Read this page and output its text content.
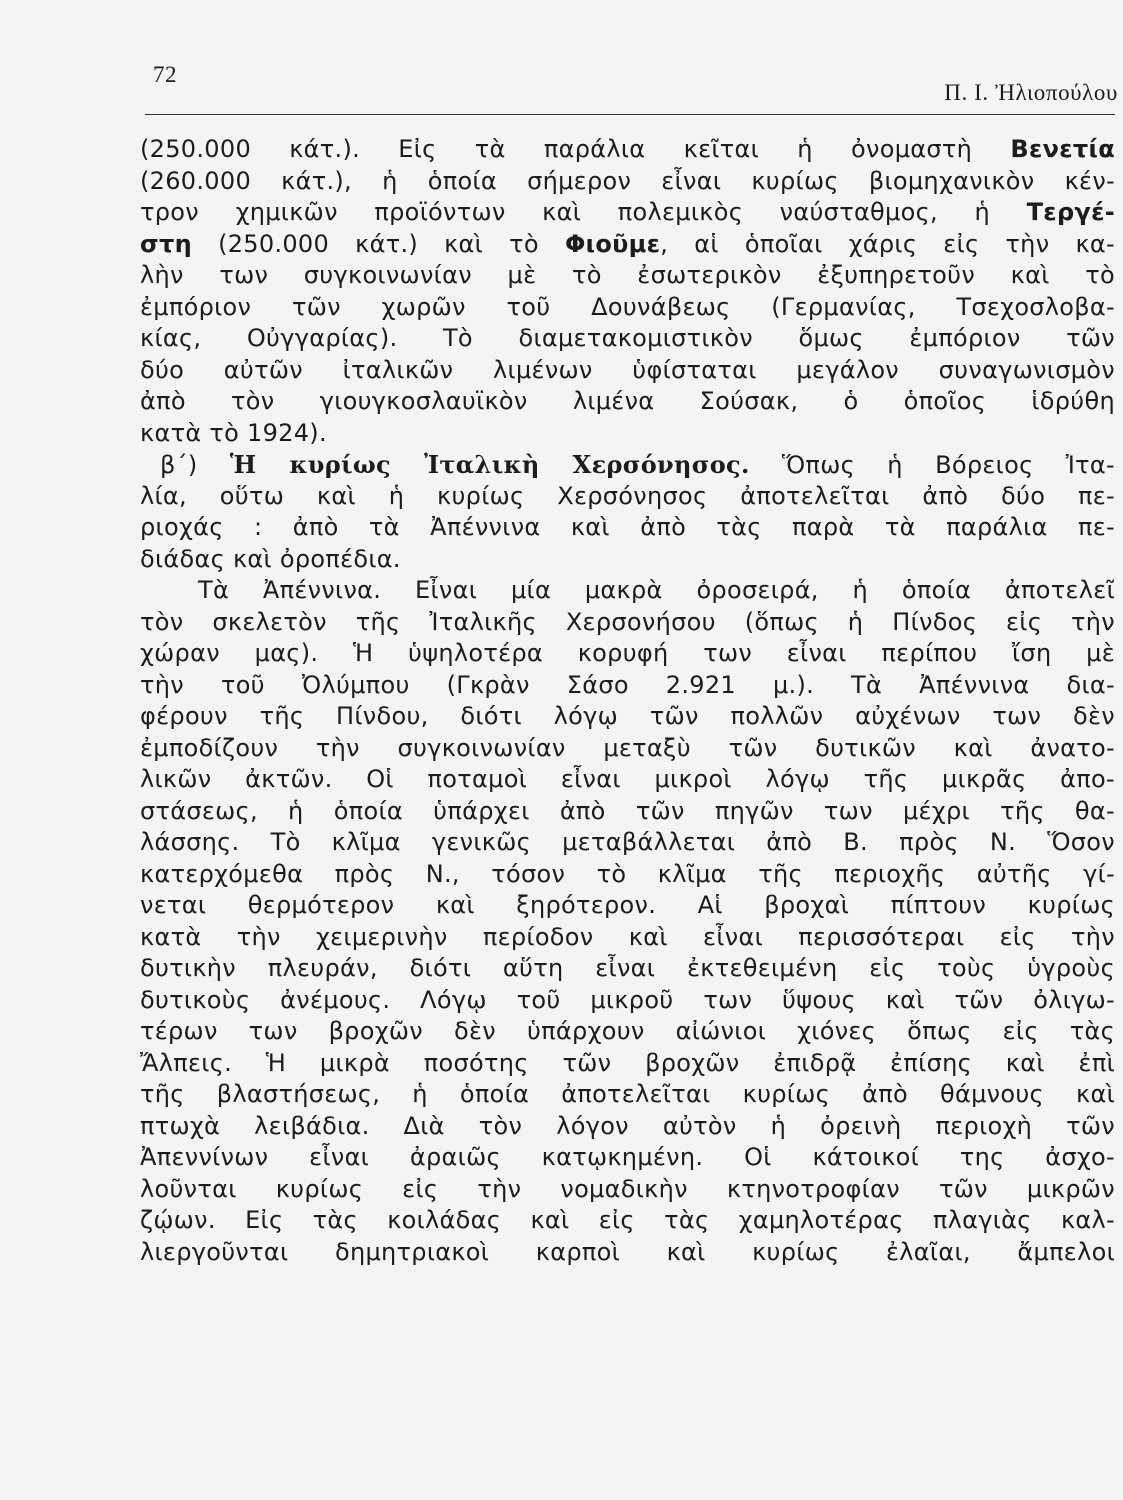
72
Π. Ι. Ἠλιοπούλου
(250.000 κάτ.). Εἰς τὰ παράλια κεῖται ἡ ὀνομαστὴ Βενετία
(260.000 κάτ.), ἡ ὁποία σήμερον εἶναι κυρίως βιομηχανικὸν κέν-
τρον χημικῶν προϊόντων καὶ πολεμικὸς ναύσταθμος, ἡ Τεργέ-
στη (250.000 κάτ.) καὶ τὸ Φιοῦμε, αἱ ὁποῖαι χάρις εἰς τὴν κα-
λὴν των συγκοινωνίαν μὲ τὸ ἐσωτερικὸν ἐξυπηρετοῦν καὶ τὸ
ἐμπόριον τῶν χωρῶν τοῦ Δουνάβεως (Γερμανίας, Τσεχοσλοβα-
κίας, Οὐγγαρίας). Τὸ διαμετακομιστικὸν ὅμως ἐμπόριον τῶν
δύο αὐτῶν ἰταλικῶν λιμένων ὑφίσταται μεγάλον συναγωνισμὸν
ἀπὸ τὸν γιουγκοσλαυϊκὸν λιμένα Σούσακ, ὁ ὁποῖος ἱδρύθη
κατὰ τὸ 1924).
β΄) Ἡ κυρίως Ἰταλικὴ Χερσόνησος. Ὅπως ἡ Βόρειος Ἰτα-
λία, οὕτω καὶ ἡ κυρίως Χερσόνησος ἀποτελεῖται ἀπὸ δύο πε-
ριοχάς : ἀπὸ τὰ Ἀπέννινα καὶ ἀπὸ τὰς παρὰ τὰ παράλια πε-
διάδας καὶ ὀροπέδια.
Τὰ Ἀπέννινα. Εἶναι μία μακρὰ ὀροσειρά, ἡ ὁποία ἀποτελεῖ
τὸν σκελετὸν τῆς Ἰταλικῆς Χερσονήσου (ὅπως ἡ Πίνδος εἰς τὴν
χώραν μας). Ἡ ὑψηλοτέρα κορυφή των εἶναι περίπου ἴση μὲ
τὴν τοῦ Ὀλύμπου (Γκρὰν Σάσο 2.921 μ.). Τὰ Ἀπέννινα δια-
φέρουν τῆς Πίνδου, διότι λόγῳ τῶν πολλῶν αὐχένων των δὲν
ἐμποδίζουν τὴν συγκοινωνίαν μεταξὺ τῶν δυτικῶν καὶ ἀνατο-
λικῶν ἀκτῶν. Οἱ ποταμοὶ εἶναι μικροὶ λόγῳ τῆς μικρᾶς ἀπο-
στάσεως, ἡ ὁποία ὑπάρχει ἀπὸ τῶν πηγῶν των μέχρι τῆς θα-
λάσσης. Τὸ κλῖμα γενικῶς μεταβάλλεται ἀπὸ Β. πρὸς Ν. Ὅσον
κατερχόμεθα πρὸς Ν., τόσον τὸ κλῖμα τῆς περιοχῆς αὐτῆς γί-
νεται θερμότερον καὶ ξηρότερον. Αἱ βροχαὶ πίπτουν κυρίως
κατὰ τὴν χειμερινὴν περίοδον καὶ εἶναι περισσότεραι εἰς τὴν
δυτικὴν πλευράν, διότι αὕτη εἶναι ἐκτεθειμένη εἰς τοὺς ὑγροὺς
δυτικοὺς ἀνέμους. Λόγῳ τοῦ μικροῦ των ὕψους καὶ τῶν ὀλιγω-
τέρων των βροχῶν δὲν ὑπάρχουν αἰώνιοι χιόνες ὅπως εἰς τὰς
Ἄλπεις. Ἡ μικρὰ ποσότης τῶν βροχῶν ἐπιδρᾷ ἐπίσης καὶ ἐπὶ
τῆς βλαστήσεως, ἡ ὁποία ἀποτελεῖται κυρίως ἀπὸ θάμνους καὶ
πτωχὰ λειβάδια. Διὰ τὸν λόγον αὐτὸν ἡ ὀρεινὴ περιοχὴ τῶν
Ἀπεννίνων εἶναι ἀραιῶς κατῳκημένη. Οἱ κάτοικοί της ἀσχο-
λοῦνται κυρίως εἰς τὴν νομαδικὴν κτηνοτροφίαν τῶν μικρῶν
ζῴων. Εἰς τὰς κοιλάδας καὶ εἰς τὰς χαμηλοτέρας πλαγιὰς καλ-
λιεργοῦνται δημητριακοὶ καρποὶ καὶ κυρίως ἐλαῖαι, ἄμπελοι
